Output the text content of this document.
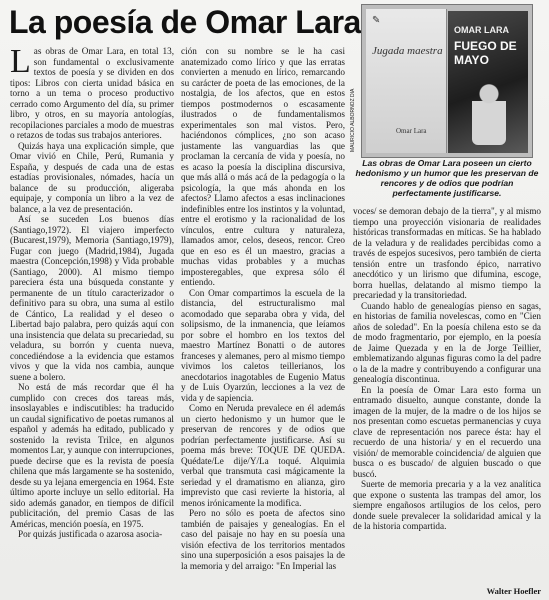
La poesía de Omar Lara ✎
Jugada maestra
Omar Lara
OMAR LARA
FUEGO DE MAYO
MAURICIO ALBORNOZ DIA
Las obras de Omar Lara poseen un cierto hedonismo y un humor que les preservan de rencores y de odios que podrían perfectamente justificarse.

Las obras de Omar Lara, en total 13, son fundamental o exclusivamente textos de poesía y se dividen en dos tipos: Libros con cierta unidad básica en torno a un tema o proceso productivo cerrado como Argumento del día, su primer libro, y otros, en su mayoría antologías, recopilaciones parciales a modo de muestras o retazos de todas sus trabajos anteriores.

Quizás haya una explicación simple, que Omar vivió en Chile, Perú, Rumania y España, y después de cada una de estas estadías provisionales, nómades, hacía un balance de su producción, aligeraba equipaje, y componía un libro a la vez de balance, a la vez de presentación.

Así se suceden Los buenos días (Santiago,1972). El viajero imperfecto (Bucarest,1979), Memoria (Santiago,1979), Fugar con juego (Madrid,1984), Jugada maestra (Concepción,1998) y Vida probable (Santiago, 2000). Al mismo tiempo pareciera ésta una búsqueda constante y permanente de un título caracterizador o definitivo para su obra, una suma al estilo de Cántico, La realidad y el deseo o Libertad bajo palabra, pero quizás aquí con una insistencia que delata su precariedad, su veladura, su borrón y cuenta nueva, concediéndose a la evidencia que estamos vivos y que la vida nos cambia, aunque suene a bolero.

No está de más recordar que él ha cumplido con creces dos tareas más, insoslayables e indiscutibles: ha traducido un caudal significativo de poetas rumanos al español y además ha editado, publicado y sostenido la revista Trilce, en algunos momentos Lar, y aunque con interrupciones, puede decirse que es la revista de poesía chilena que más largamente se ha sostenido, desde su ya lejana emergencia en 1964. Este último aporte incluye un sello editorial. Ha sido además ganador, en tiempos de difícil publicitación, del premio Casas de las Américas, mención poesía, en 1975.

Por quizás justificada o azarosa asocia-

ción con su nombre se le ha casi anatemizado como lírico y que las erratas convierten a menudo en lírico, remarcando su carácter de poeta de las emociones, de la nostalgia, de los afectos, que en estos tiempos postmodernos o escasamente ilustrados o de fundamentalismos experimentales son mal vistos. Pero, haciéndonos cómplices, ¿no son acaso justamente las vanguardias las que proclaman la cercanía de vida y poesía, no es acaso la poesía la disciplina discursiva, que más allá o más acá de la pedagogía o la psicología, la que más ahonda en los afectos? Llamo afectos a esas inclinaciones indefinibles entre los instintos y la voluntad, entre el erotismo y la racionalidad de los vínculos, entre cultura y naturaleza, llamados amor, celos, deseos, rencor. Creo que en eso es él un maestro, gracias a muchas vidas probables y a muchas imposteregables, que expresa sólo él entiendo.

Con Omar compartimos la escuela de la distancia, del estructuralismo mal acomodado que separaba obra y vida, del solipsismo, de la inmanencia, que leíamos por sobre el hombro en los textos del maestro Martínez Bonatti o de autores franceses y alemanes, pero al mismo tiempo vivimos los caletos teillerianos, los anecdotarios inagotables de Eugenio Matus y de Luis Oyarzún, lecciones a la vez de vida y de sapiencia.

Como en Neruda prevalece en él además un cierto hedonismo y un humor que le preservan de rencores y de odios que podrían perfectamente justificarse. Así su poema más breve: TOQUE DE QUEDA. Quédate/Le dije/Y/La toqué. Alquimia verbal que transmuta casi mágicamente la seriedad y el dramatismo en alianza, giro imprevisto que casi revierte la historia, al menos irónicamente la modifica.

Pero no sólo es poeta de afectos sino también de paisajes y genealogías. En el caso del paisaje no hay en su poesía una visión efectiva de los territorios mentados sino una superposición a esos paisajes la de la memoria y del arraigo: "En Imperial las

voces/ se demoran debajo de la tierra", y al mismo tiempo una proyección visionaria de realidades históricas transformadas en míticas. Se ha hablado de la veladura y de realidades percibidas como a través de espejos sucesivos, pero también de cierta tensión entre un trasfondo épico, narrativo anecdótico y un lirismo que difumina, escoge, borra huellas, delatando al mismo tiempo la precariedad y la transitoriedad.

Cuando hablo de genealogías pienso en sagas, en historias de familia novelescas, como en "Cien años de soledad". En la poesía chilena esto se da de modo fragmentario, por ejemplo, en la poesía de Jaime Quezada y en la de Jorge Teillier, emblematizando algunas figuras como la del padre o la de la madre y contribuyendo a configurar una genealogía discontinua.

En la poesía de Omar Lara esto forma un entramado disuelto, aunque constante, donde la imagen de la mujer, de la madre o de los hijos se nos presentan como escuetas permanencias y cuya clave de representación nos parece ésta: hay el recuerdo de una historia/ y en el recuerdo una visión/ de memorable coincidencia/ de alguien que busca o es buscado/ de alguien buscado o que buscó.

Suerte de memoria precaria y a la vez analítica que expone o sustenta las trampas del amor, los siempre engañosos artilugios de los celos, pero donde suele prevalecer la solidaridad amical y la de la historia compartida.

Walter Hoefler
